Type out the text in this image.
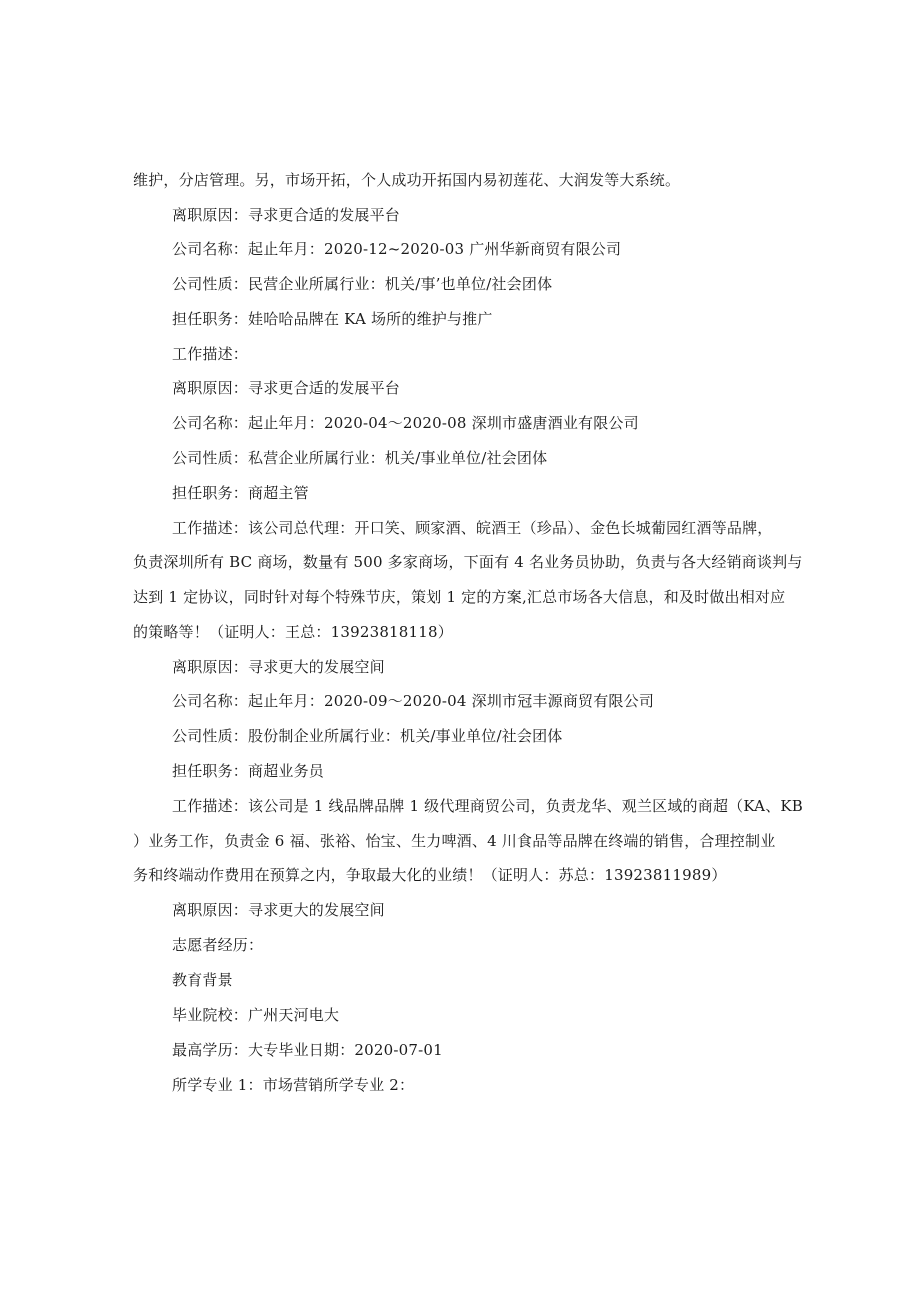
维护，分店管理。另，市场开拓，个人成功开拓国内易初莲花、大润发等大系统。
离职原因：寻求更合适的发展平台
公司名称：起止年月：2020-12~2020-03 广州华新商贸有限公司
公司性质：民营企业所属行业：机关/事’也单位/社会团体
担任职务：娃哈哈品牌在 KA 场所的维护与推广
工作描述：
离职原因：寻求更合适的发展平台
公司名称：起止年月：2020-04～2020-08 深圳市盛唐酒业有限公司
公司性质：私营企业所属行业：机关/事业单位/社会团体
担任职务：商超主管
工作描述：该公司总代理：开口笑、顾家酒、皖酒王（珍品）、金色长城葡园红酒等品牌，
负责深圳所有 BC 商场，数量有 500 多家商场，下面有 4 名业务员协助，负责与各大经销商谈判与
达到 1 定协议，同时针对每个特殊节庆，策划 1 定的方案,汇总市场各大信息，和及时做出相对应
的策略等！（证明人：王总：13923818118）
离职原因：寻求更大的发展空间
公司名称：起止年月：2020-09～2020-04 深圳市冠丰源商贸有限公司
公司性质：股份制企业所属行业：机关/事业单位/社会团体
担任职务：商超业务员
工作描述：该公司是 1 线品牌品牌 1 级代理商贸公司，负责龙华、观兰区域的商超（KA、KB
）业务工作，负责金 6 福、张裕、怡宝、生力啤酒、4 川食品等品牌在终端的销售，合理控制业
务和终端动作费用在预算之内，争取最大化的业绩！（证明人：苏总：13923811989）
离职原因：寻求更大的发展空间
志愿者经历：
教育背景
毕业院校：广州天河电大
最高学历：大专毕业日期：2020-07-01
所学专业 1：市场营销所学专业 2：
